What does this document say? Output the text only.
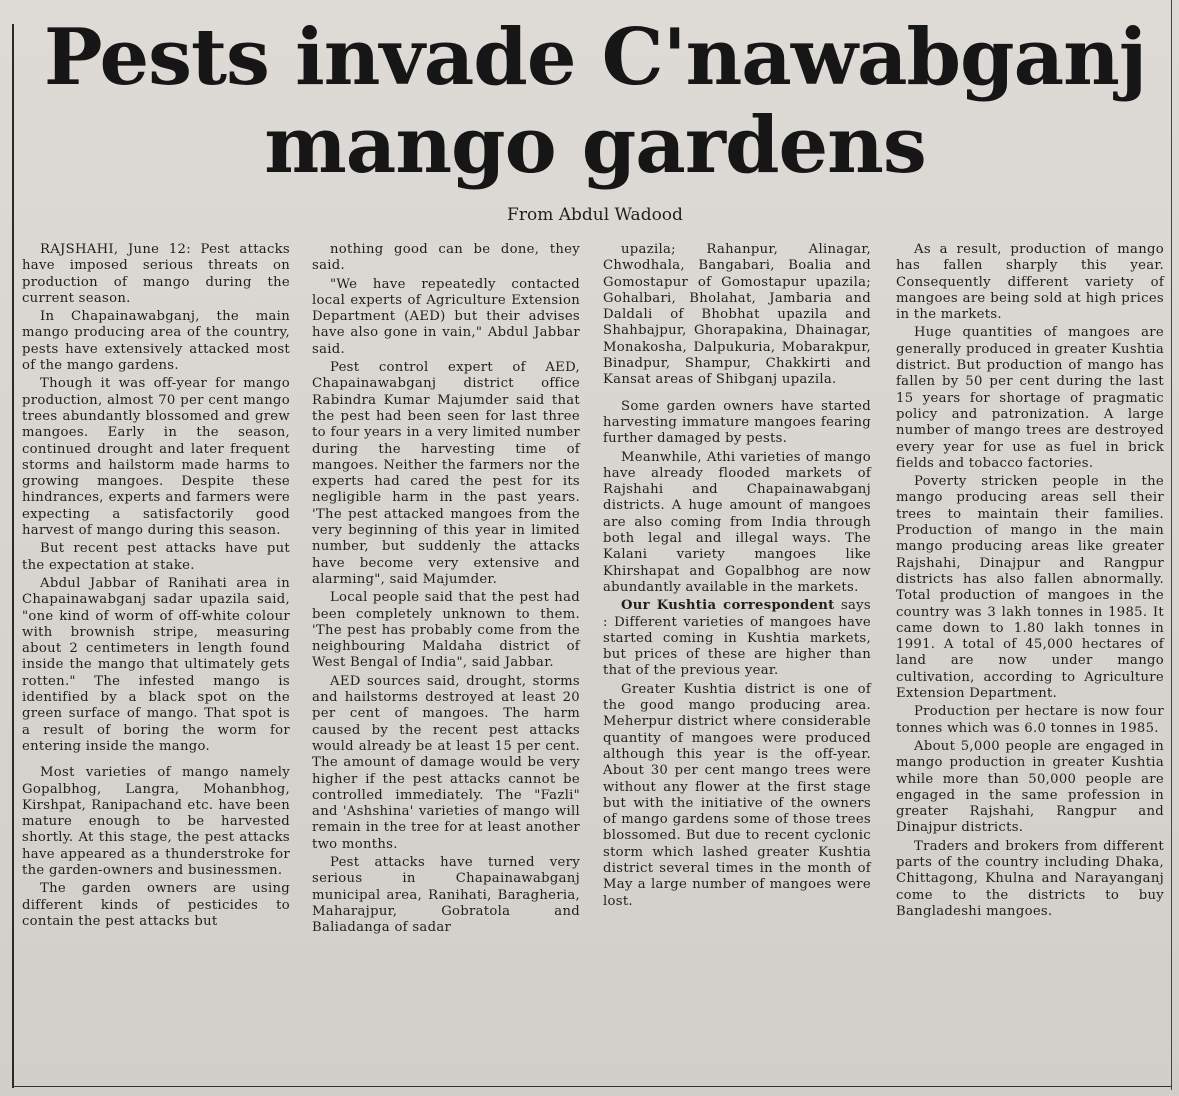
Pests invade C'nawabganj
mango gardens
From Abdul Wadood

RAJSHAHI, June 12: Pest attacks have imposed serious threats on production of mango during the current season.

In Chapainawabganj, the main mango producing area of the country, pests have extensively attacked most of the mango gardens.

Though it was off-year for mango production, almost 70 per cent mango trees abundantly blossomed and grew mangoes. Early in the season, continued drought and later frequent storms and hailstorm made harms to growing mangoes. Despite these hindrances, experts and farmers were expecting a satisfactorily good harvest of mango during this season.

But recent pest attacks have put the expectation at stake.

Abdul Jabbar of Ranihati area in Chapainawabganj sadar upazila said, "one kind of worm of off-white colour with brownish stripe, measuring about 2 centimeters in length found inside the mango that ultimately gets rotten." The infested mango is identified by a black spot on the green surface of mango. That spot is a result of boring the worm for entering inside the mango.

Most varieties of mango namely Gopalbhog, Langra, Mohanbhog, Kirshpat, Ranipachand etc. have been mature enough to be harvested shortly. At this stage, the pest attacks have appeared as a thunderstroke for the garden-owners and businessmen.

The garden owners are using different kinds of pesticides to contain the pest attacks but

nothing good can be done, they said.

"We have repeatedly contacted local experts of Agriculture Extension Department (AED) but their advises have also gone in vain," Abdul Jabbar said.

Pest control expert of AED, Chapainawabganj district office Rabindra Kumar Majumder said that the pest had been seen for last three to four years in a very limited number during the harvesting time of mangoes. Neither the farmers nor the experts had cared the pest for its negligible harm in the past years. 'The pest attacked mangoes from the very beginning of this year in limited number, but suddenly the attacks have become very extensive and alarming", said Majumder.

Local people said that the pest had been completely unknown to them. 'The pest has probably come from the neighbouring Maldaha district of West Bengal of India", said Jabbar.

AED sources said, drought, storms and hailstorms destroyed at least 20 per cent of mangoes. The harm caused by the recent pest attacks would already be at least 15 per cent. The amount of damage would be very higher if the pest attacks cannot be controlled immediately. The "Fazli" and 'Ashshina' varieties of mango will remain in the tree for at least another two months.

Pest attacks have turned very serious in Chapainawabganj municipal area, Ranihati, Baragheria, Maharajpur, Gobratola and Baliadanga of sadar

upazila; Rahanpur, Alinagar, Chwodhala, Bangabari, Boalia and Gomostapur of Gomostapur upazila; Gohalbari, Bholahat, Jambaria and Daldali of Bhobhat upazila and Shahbajpur, Ghorapakina, Dhainagar, Monakosha, Dalpukuria, Mobarakpur, Binadpur, Shampur, Chakkirti and Kansat areas of Shibganj upazila.

Some garden owners have started harvesting immature mangoes fearing further damaged by pests.

Meanwhile, Athi varieties of mango have already flooded markets of Rajshahi and Chapainawabganj districts. A huge amount of mangoes are also coming from India through both legal and illegal ways. The Kalani variety mangoes like Khirshapat and Gopalbhog are now abundantly available in the markets.

Our Kushtia correspondent says : Different varieties of mangoes have started coming in Kushtia markets, but prices of these are higher than that of the previous year.

Greater Kushtia district is one of the good mango producing area. Meherpur district where considerable quantity of mangoes were produced although this year is the off-year. About 30 per cent mango trees were without any flower at the first stage but with the initiative of the owners of mango gardens some of those trees blossomed. But due to recent cyclonic storm which lashed greater Kushtia district several times in the month of May a large number of mangoes were lost.

As a result, production of mango has fallen sharply this year. Consequently different variety of mangoes are being sold at high prices in the markets.

Huge quantities of mangoes are generally produced in greater Kushtia district. But production of mango has fallen by 50 per cent during the last 15 years for shortage of pragmatic policy and patronization. A large number of mango trees are destroyed every year for use as fuel in brick fields and tobacco factories.

Poverty stricken people in the mango producing areas sell their trees to maintain their families. Production of mango in the main mango producing areas like greater Rajshahi, Dinajpur and Rangpur districts has also fallen abnormally. Total production of mangoes in the country was 3 lakh tonnes in 1985. It came down to 1.80 lakh tonnes in 1991. A total of 45,000 hectares of land are now under mango cultivation, according to Agriculture Extension Department.

Production per hectare is now four tonnes which was 6.0 tonnes in 1985.

About 5,000 people are engaged in mango production in greater Kushtia while more than 50,000 people are engaged in the same profession in greater Rajshahi, Rangpur and Dinajpur districts.

Traders and brokers from different parts of the country including Dhaka, Chittagong, Khulna and Narayanganj come to the districts to buy Bangladeshi mangoes.
